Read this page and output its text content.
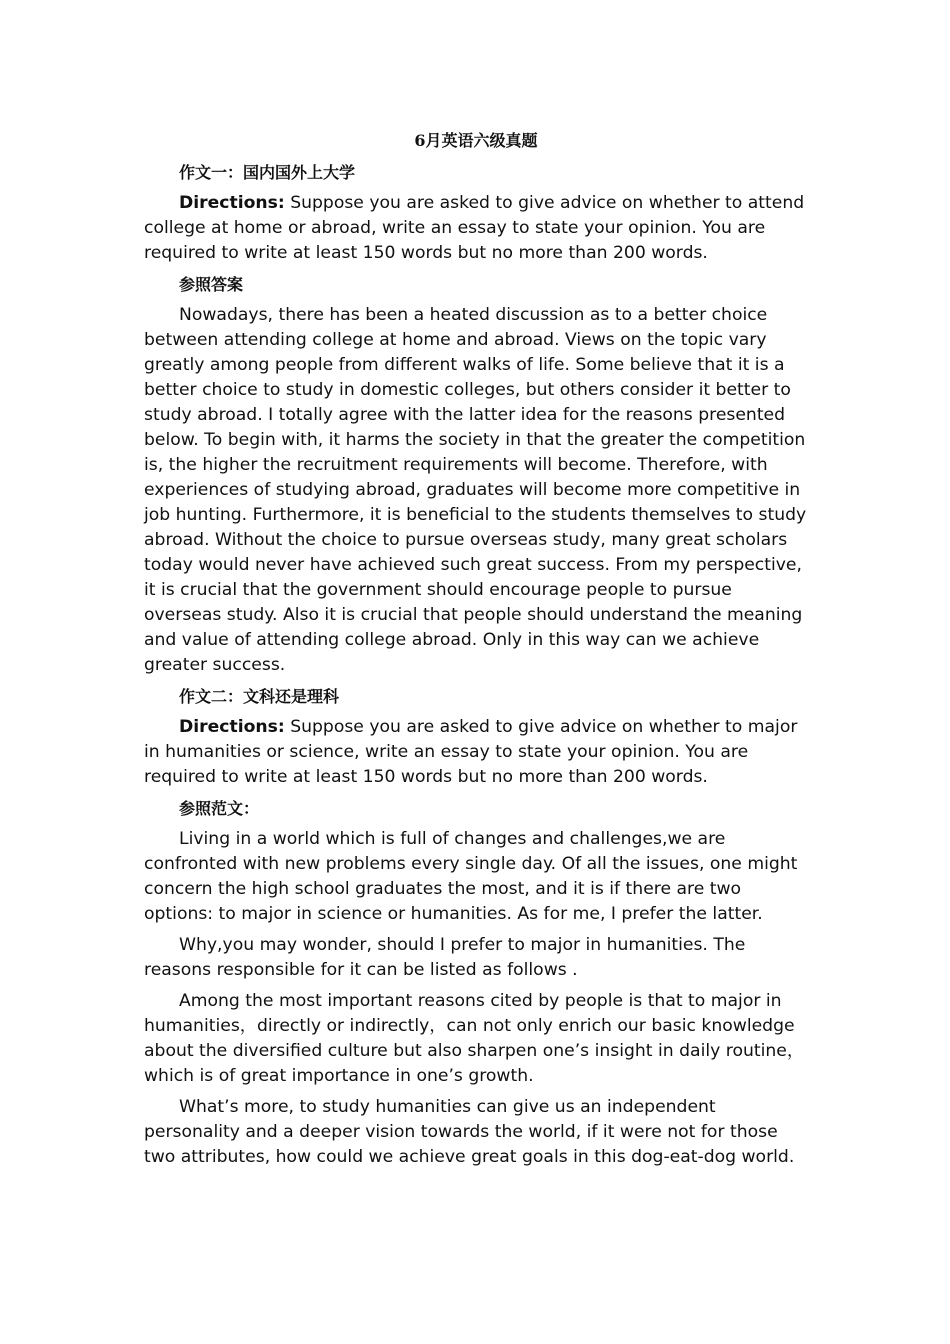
6月英语六级真题
作文一：国内国外上大学
Directions: Suppose you are asked to give advice on whether to attend college at home or abroad, write an essay to state your opinion. You are required to write at least 150 words but no more than 200 words.
参照答案
Nowadays, there has been a heated discussion as to a better choice between attending college at home and abroad. Views on the topic vary greatly among people from different walks of life. Some believe that it is a better choice to study in domestic colleges, but others consider it better to study abroad. I totally agree with the latter idea for the reasons presented below. To begin with, it harms the society in that the greater the competition is, the higher the recruitment requirements will become. Therefore, with experiences of studying abroad, graduates will become more competitive in job hunting. Furthermore, it is beneficial to the students themselves to study abroad. Without the choice to pursue overseas study, many great scholars today would never have achieved such great success. From my perspective, it is crucial that the government should encourage people to pursue overseas study. Also it is crucial that people should understand the meaning and value of attending college abroad. Only in this way can we achieve greater success.
作文二：文科还是理科
Directions: Suppose you are asked to give advice on whether to major in humanities or science, write an essay to state your opinion. You are required to write at least 150 words but no more than 200 words.
参照范文：
Living in a world which is full of changes and challenges,we are confronted with new problems every single day. Of all the issues, one might concern the high school graduates the most, and it is if there are two options: to major in science or humanities. As for me, I prefer the latter.
Why,you may wonder, should I prefer to major in humanities. The reasons responsible for it can be listed as follows .
Among the most important reasons cited by people is that to major in humanities，directly or indirectly，can not only enrich our basic knowledge about the diversified culture but also sharpen one’s insight in daily routine，which is of great importance in one’s growth.
What’s more, to study humanities can give us an independent personality and a deeper vision towards the world, if it were not for those two attributes, how could we achieve great goals in this dog-eat-dog world.
